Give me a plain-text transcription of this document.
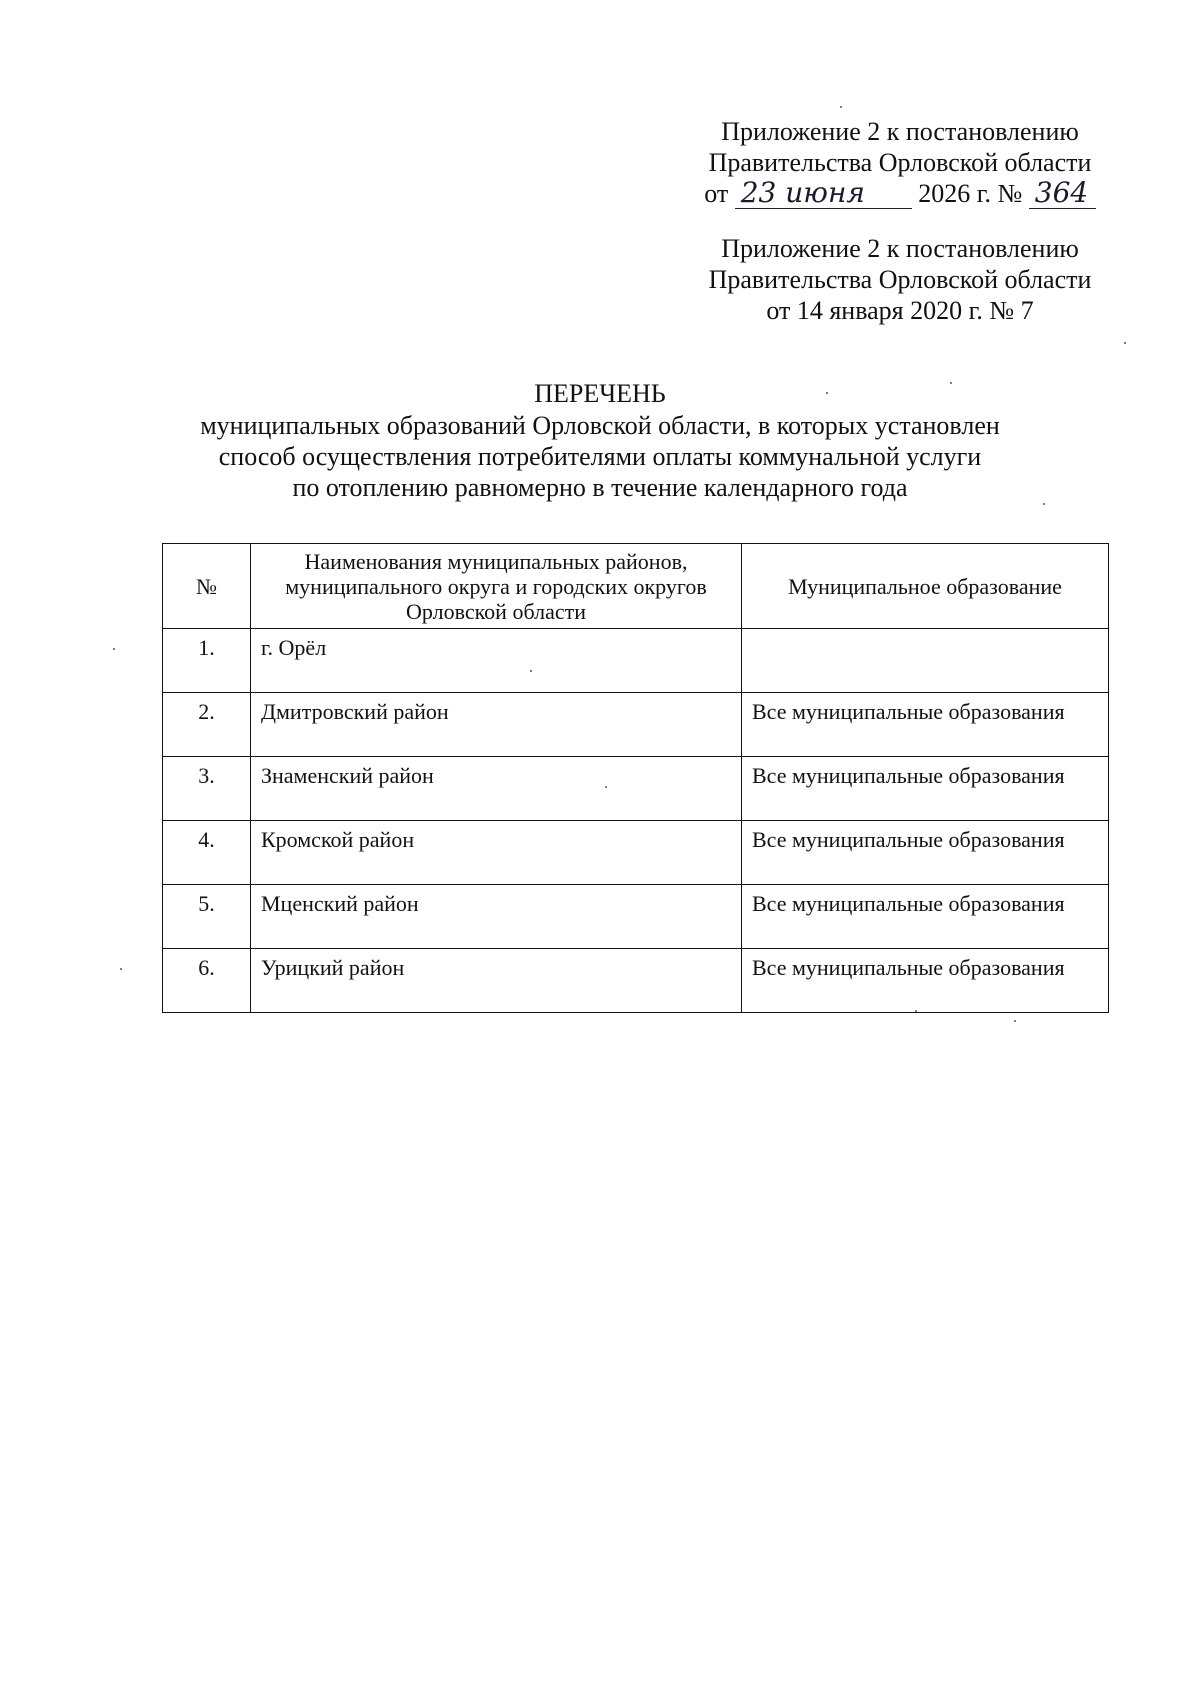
Приложение 2 к постановлению
Правительства Орловской области
от 23 июня 2026 г. № 364
Приложение 2 к постановлению
Правительства Орловской области
от 14 января 2020 г. № 7
ПЕРЕЧЕНЬ
муниципальных образований Орловской области, в которых установлен
способ осуществления потребителями оплаты коммунальной услуги
по отоплению равномерно в течение календарного года
№	Наименования муниципальных районов, муниципального округа и городских округов Орловской области	Муниципальное образование

1.	г. Орёл	
2.	Дмитровский район	Все муниципальные образования
3.	Знаменский район	Все муниципальные образования
4.	Кромской район	Все муниципальные образования
5.	Мценский район	Все муниципальные образования
6.	Урицкий район	Все муниципальные образования
